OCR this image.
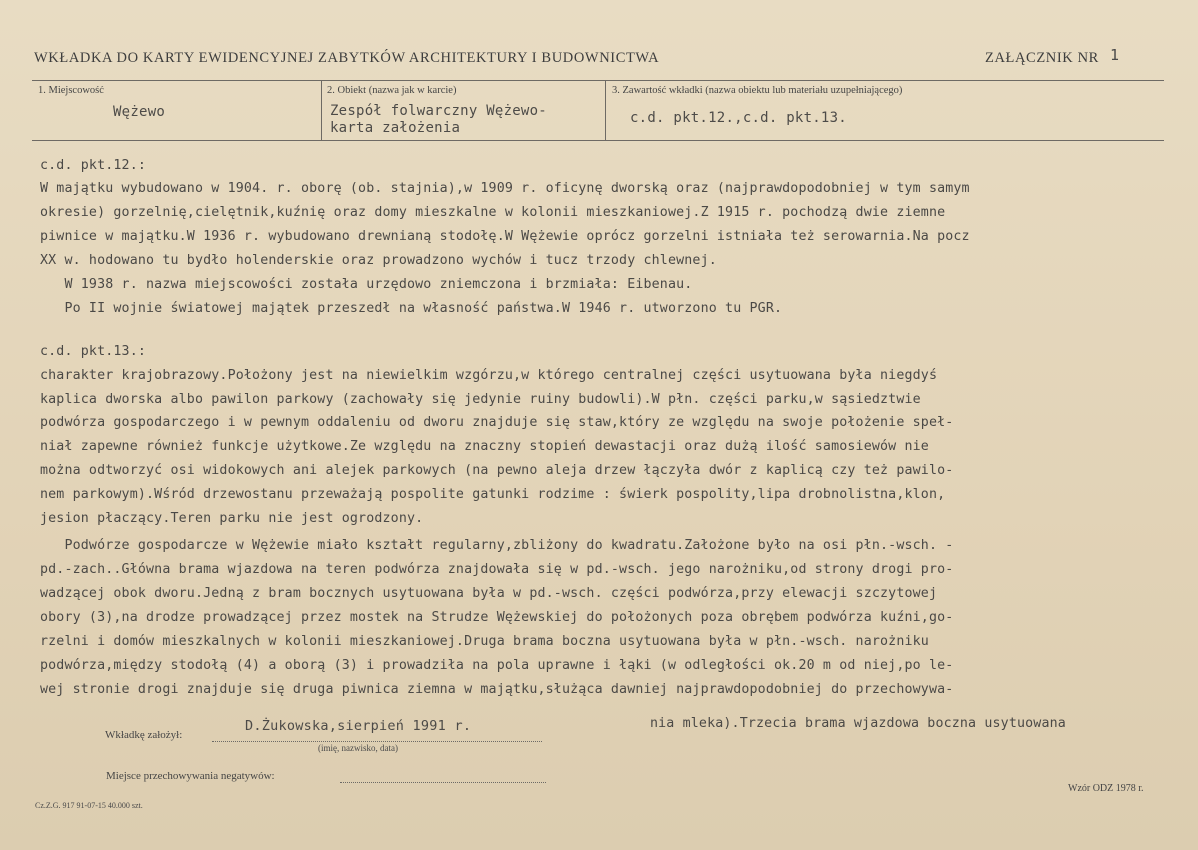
WKŁADKA DO KARTY EWIDENCYJNEJ ZABYTKÓW ARCHITEKTURY I BUDOWNICTWA	ZAŁĄCZNIK NR 1
1. Miejscowość
Wężewo
2. Obiekt (nazwa jak w karcie)
Zespół folwarczny Wężewo-
karta założenia
3. Zawartość wkładki (nazwa obiektu lub materiału uzupełniającego)
c.d. pkt.12.,c.d. pkt.13.
c.d. pkt.12.:
W majątku wybudowano w 1904. r. oborę (ob. stajnia),w 1909 r. oficynę dworską oraz (najprawdopodobniej w tym samym
okresie) gorzelnię,cielętnik,kuźnię oraz domy mieszkalne w kolonii mieszkaniowej.Z 1915 r. pochodzą dwie ziemne
piwnice w majątku.W 1936 r. wybudowano drewnianą stodołę.W Wężewie oprócz gorzelni istniała też serowarnia.Na pocz
XX w. hodowano tu bydło holenderskie oraz prowadzono wychów i tucz trzody chlewnej.
W 1938 r. nazwa miejscowości została urzędowo zniemczona i brzmiała: Eibenau.
Po II wojnie światowej majątek przeszedł na własność państwa.W 1946 r. utworzono tu PGR.
c.d. pkt.13.:
charakter krajobrazowy.Położony jest na niewielkim wzgórzu,w którego centralnej części usytuowana była niegdyś
kaplica dworska albo pawilon parkowy (zachowały się jedynie ruiny budowli).W płn. części parku,w sąsiedztwie
podwórza gospodarczego i w pewnym oddaleniu od dworu znajduje się staw,który ze względu na swoje położenie speł-
niał zapewne również funkcje użytkowe.Ze względu na znaczny stopień dewastacji oraz dużą ilość samosiewów nie
można odtworzyć osi widokowych ani alejek parkowych (na pewno aleja drzew łączyła dwór z kaplicą czy też pawilo-
nem parkowym).Wśród drzewostanu przeważają pospolite gatunki rodzime : świerk pospolity,lipa drobnolistna,klon,
jesion płaczący.Teren parku nie jest ogrodzony.
Podwórze gospodarcze w Wężewie miało kształt regularny,zbliżony do kwadratu.Założone było na osi płn.-wsch. -
pd.-zach..Główna brama wjazdowa na teren podwórza znajdowała się w pd.-wsch. jego narożniku,od strony drogi pro-
wadzącej obok dworu.Jedną z bram bocznych usytuowana była w pd.-wsch. części podwórza,przy elewacji szczytowej
obory (3),na drodze prowadzącej przez mostek na Strudze Wężewskiej do położonych poza obrębem podwórza kuźni,go-
rzelni i domów mieszkalnych w kolonii mieszkaniowej.Druga brama boczna usytuowana była w płn.-wsch. narożniku
podwórza,między stodołą (4) a oborą (3) i prowadziła na pola uprawne i łąki (w odległości ok.20 m od niej,po le-
wej stronie drogi znajduje się druga piwnica ziemna w majątku,służąca dawniej najprawdopodobniej do przechowywa-
nia mleka).Trzecia brama wjazdowa boczna usytuowana
Wkładkę założył:
D.Żukowska,sierpień 1991 r.
(imię, nazwisko, data)
Miejsce przechowywania negatywów:
Wzór ODZ 1978 r.
Cz.Z.G. 917 91-07-15 40.000 szt.
